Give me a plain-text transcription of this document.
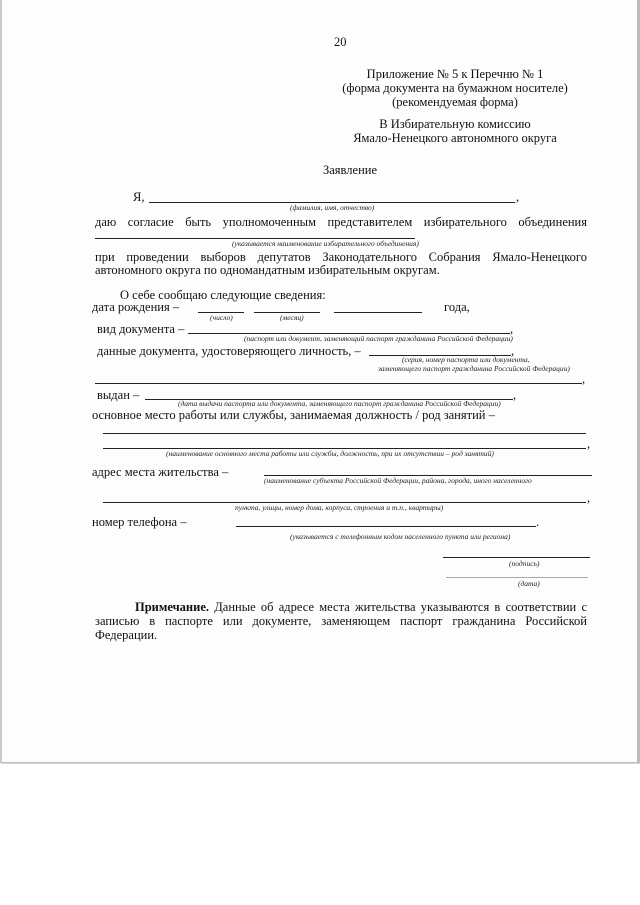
20
Приложение № 5 к Перечню № 1
(форма документа на бумажном носителе)
(рекомендуемая форма)
В Избирательную комиссию
Ямало-Ненецкого автономного округа
Заявление
Я,	,
(фамилия, имя, отчество)
даю согласие быть уполномоченным представителем избирательного объединения
(указывается наименование избирательного объединения)
при проведении выборов депутатов Законодательного Собрания Ямало-Ненецкого
автономного округа по одномандатным избирательным округам.
О себе сообщаю следующие сведения:
дата рождения –	года,
(число)	(месяц)
вид документа –	,
(паспорт или документ, заменяющий паспорт гражданина Российской Федерации)
данные документа, удостоверяющего личность, –	,
(серия, номер паспорта или документа,
заменяющего паспорт гражданина Российской Федерации)
,
выдан –	,
(дата выдачи паспорта или документа, заменяющего паспорт гражданина Российской Федерации)
основное место работы или службы, занимаемая должность / род занятий –
,
(наименование основного места работы или службы, должность, при их отсутствии – род занятий)
адрес места жительства –
(наименование субъекта Российской Федерации, района, города, иного населенного
,
пункта, улицы, номер дома, корпуса, строения и т.п., квартиры)
номер телефона –	.
(указывается с телефонным кодом населенного пункта или региона)
(подпись)
(дата)
Примечание. Данные об адресе места жительства указываются в соответствии с
записью в паспорте или документе, заменяющем паспорт гражданина Российской
Федерации.
